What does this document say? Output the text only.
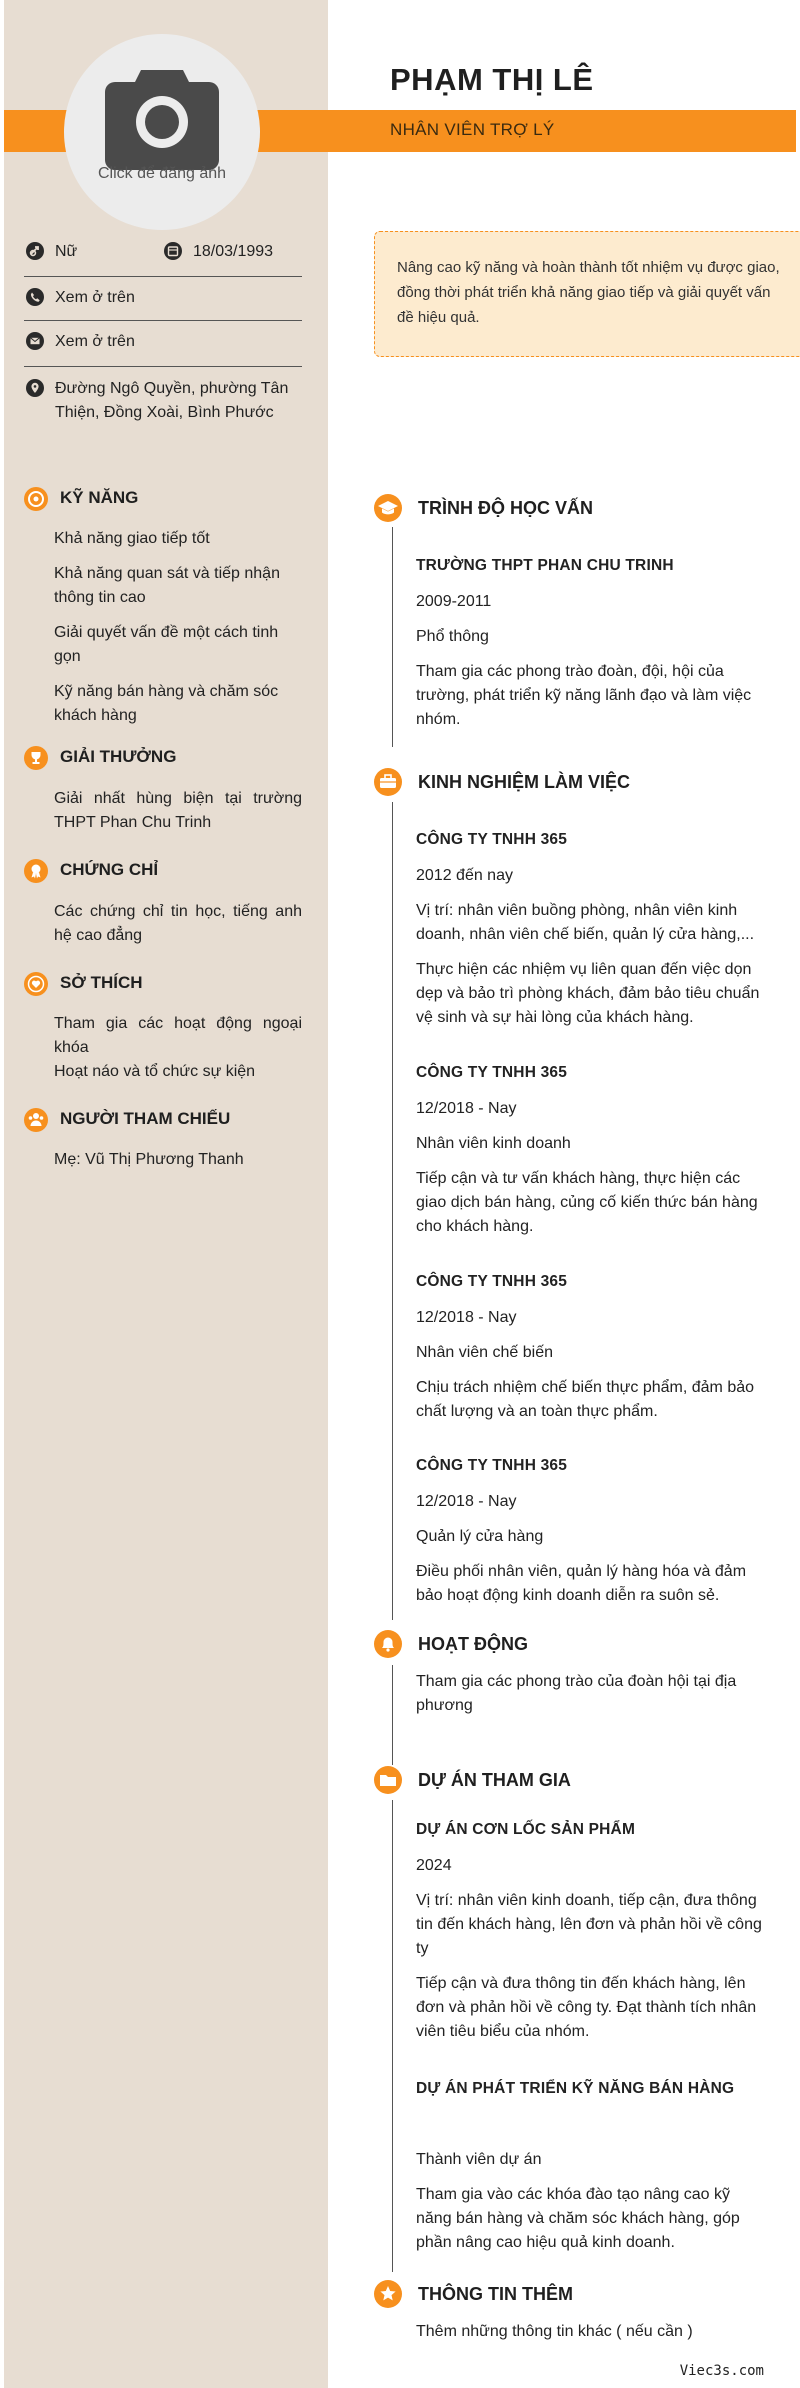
Click để đăng ảnh
PHẠM THỊ LÊ
NHÂN VIÊN TRỢ LÝ
Nâng cao kỹ năng và hoàn thành tốt nhiệm vụ được giao, đồng thời phát triển khả năng giao tiếp và giải quyết vấn đề hiệu quả.
Nữ	18/03/1993
Xem ở trên
Xem ở trên
Đường Ngô Quyền, phường Tân Thiện, Đồng Xoài, Bình Phước
KỸ NĂNG
Khả năng giao tiếp tốt
Khả năng quan sát và tiếp nhận thông tin cao
Giải quyết vấn đề một cách tinh gọn
Kỹ năng bán hàng và chăm sóc khách hàng
GIẢI THƯỞNG
Giải nhất hùng biện tại trường THPT Phan Chu Trinh
CHỨNG CHỈ
Các chứng chỉ tin học, tiếng anh hệ cao đẳng
SỞ THÍCH
Tham gia các hoạt động ngoại khóa
Hoạt náo và tổ chức sự kiện
NGƯỜI THAM CHIẾU
Mẹ: Vũ Thị Phương Thanh
TRÌNH ĐỘ HỌC VẤN
TRƯỜNG THPT PHAN CHU TRINH
2009-2011
Phổ thông
Tham gia các phong trào đoàn, đội, hội của trường, phát triển kỹ năng lãnh đạo và làm việc nhóm.
KINH NGHIỆM LÀM VIỆC
CÔNG TY TNHH 365
2012 đến nay
Vị trí: nhân viên buồng phòng, nhân viên kinh doanh, nhân viên chế biến, quản lý cửa hàng,...
Thực hiện các nhiệm vụ liên quan đến việc dọn dẹp và bảo trì phòng khách, đảm bảo tiêu chuẩn vệ sinh và sự hài lòng của khách hàng.
CÔNG TY TNHH 365
12/2018 - Nay
Nhân viên kinh doanh
Tiếp cận và tư vấn khách hàng, thực hiện các giao dịch bán hàng, củng cố kiến thức bán hàng cho khách hàng.
CÔNG TY TNHH 365
12/2018 - Nay
Nhân viên chế biến
Chịu trách nhiệm chế biến thực phẩm, đảm bảo chất lượng và an toàn thực phẩm.
CÔNG TY TNHH 365
12/2018 - Nay
Quản lý cửa hàng
Điều phối nhân viên, quản lý hàng hóa và đảm bảo hoạt động kinh doanh diễn ra suôn sẻ.
HOẠT ĐỘNG
Tham gia các phong trào của đoàn hội tại địa phương
DỰ ÁN THAM GIA
DỰ ÁN CƠN LỐC SẢN PHẨM
2024
Vị trí: nhân viên kinh doanh, tiếp cận, đưa thông tin đến khách hàng, lên đơn và phản hồi về công ty
Tiếp cận và đưa thông tin đến khách hàng, lên đơn và phản hồi về công ty. Đạt thành tích nhân viên tiêu biểu của nhóm.
DỰ ÁN PHÁT TRIỂN KỸ NĂNG BÁN HÀNG
Thành viên dự án
Tham gia vào các khóa đào tạo nâng cao kỹ năng bán hàng và chăm sóc khách hàng, góp phần nâng cao hiệu quả kinh doanh.
THÔNG TIN THÊM
Thêm những thông tin khác ( nếu cần )
Viec3s.com
